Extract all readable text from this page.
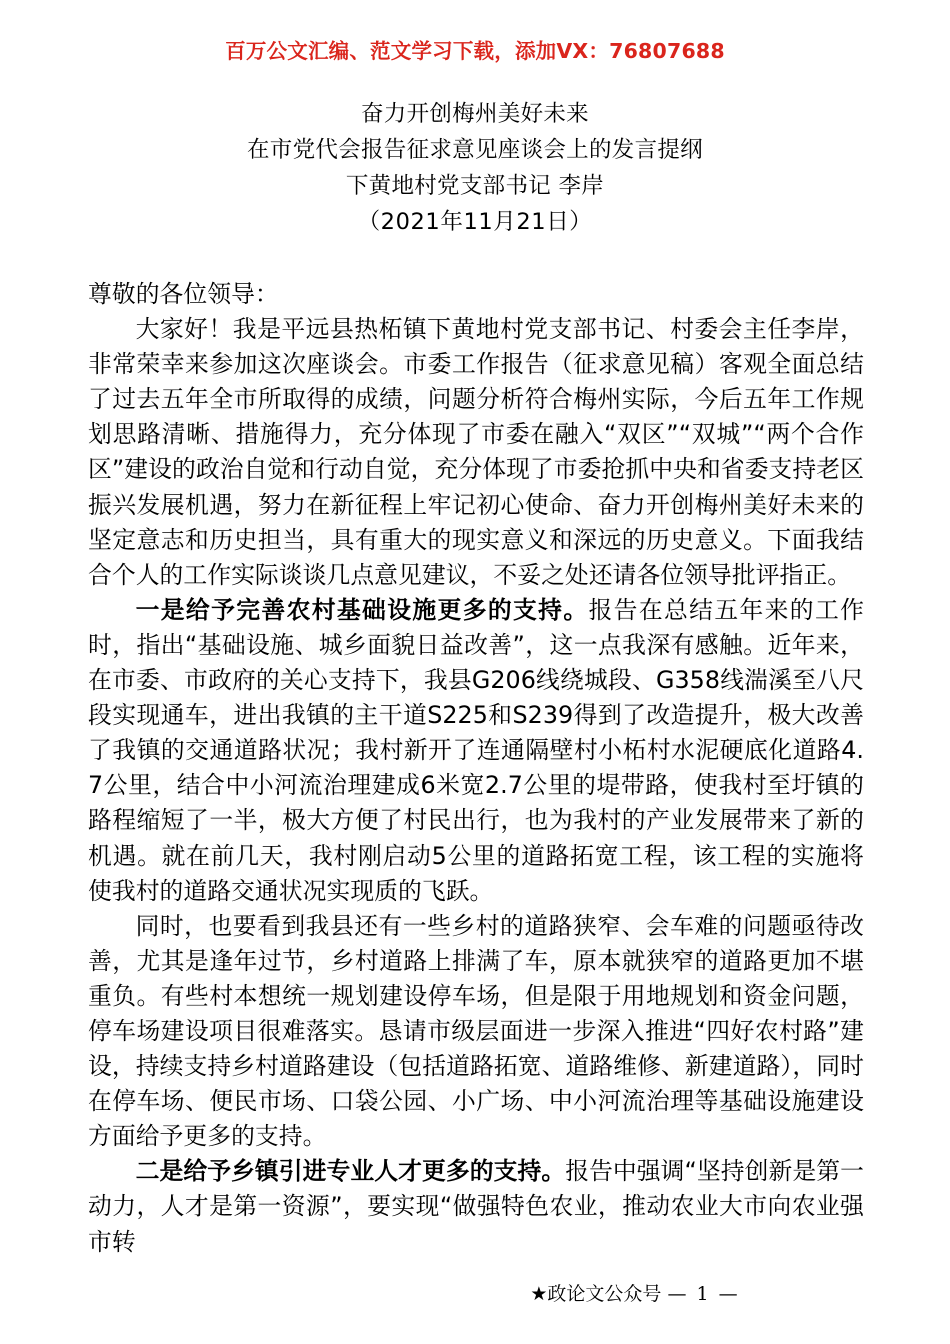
百万公文汇编、范文学习下载，添加VX：76807688
奋力开创梅州美好未来
在市党代会报告征求意见座谈会上的发言提纲
下黄地村党支部书记 李岸
（2021年11月21日）

尊敬的各位领导：

大家好！我是平远县热柘镇下黄地村党支部书记、村委会主任李岸，非常荣幸来参加这次座谈会。市委工作报告（征求意见稿）客观全面总结了过去五年全市所取得的成绩，问题分析符合梅州实际，今后五年工作规划思路清晰、措施得力，充分体现了市委在融入“双区”“双城”“两个合作区”建设的政治自觉和行动自觉，充分体现了市委抢抓中央和省委支持老区振兴发展机遇，努力在新征程上牢记初心使命、奋力开创梅州美好未来的坚定意志和历史担当，具有重大的现实意义和深远的历史意义。下面我结合个人的工作实际谈谈几点意见建议，不妥之处还请各位领导批评指正。

一是给予完善农村基础设施更多的支持。报告在总结五年来的工作时，指出“基础设施、城乡面貌日益改善”，这一点我深有感触。近年来，在市委、市政府的关心支持下，我县G206线绕城段、G358线湍溪至八尺段实现通车，进出我镇的主干道S225和S239得到了改造提升，极大改善了我镇的交通道路状况；我村新开了连通隔壁村小柘村水泥硬底化道路4.7公里，结合中小河流治理建成6米宽2.7公里的堤带路，使我村至圩镇的路程缩短了一半，极大方便了村民出行，也为我村的产业发展带来了新的机遇。就在前几天，我村刚启动5公里的道路拓宽工程，该工程的实施将使我村的道路交通状况实现质的飞跃。

同时，也要看到我县还有一些乡村的道路狭窄、会车难的问题亟待改善，尤其是逢年过节，乡村道路上排满了车，原本就狭窄的道路更加不堪重负。有些村本想统一规划建设停车场，但是限于用地规划和资金问题，停车场建设项目很难落实。恳请市级层面进一步深入推进“四好农村路”建设，持续支持乡村道路建设（包括道路拓宽、道路维修、新建道路），同时在停车场、便民市场、口袋公园、小广场、中小河流治理等基础设施建设方面给予更多的支持。

二是给予乡镇引进专业人才更多的支持。报告中强调“坚持创新是第一动力，人才是第一资源”，要实现“做强特色农业，推动农业大市向农业强市转

★政论文公众号 — 1 —
